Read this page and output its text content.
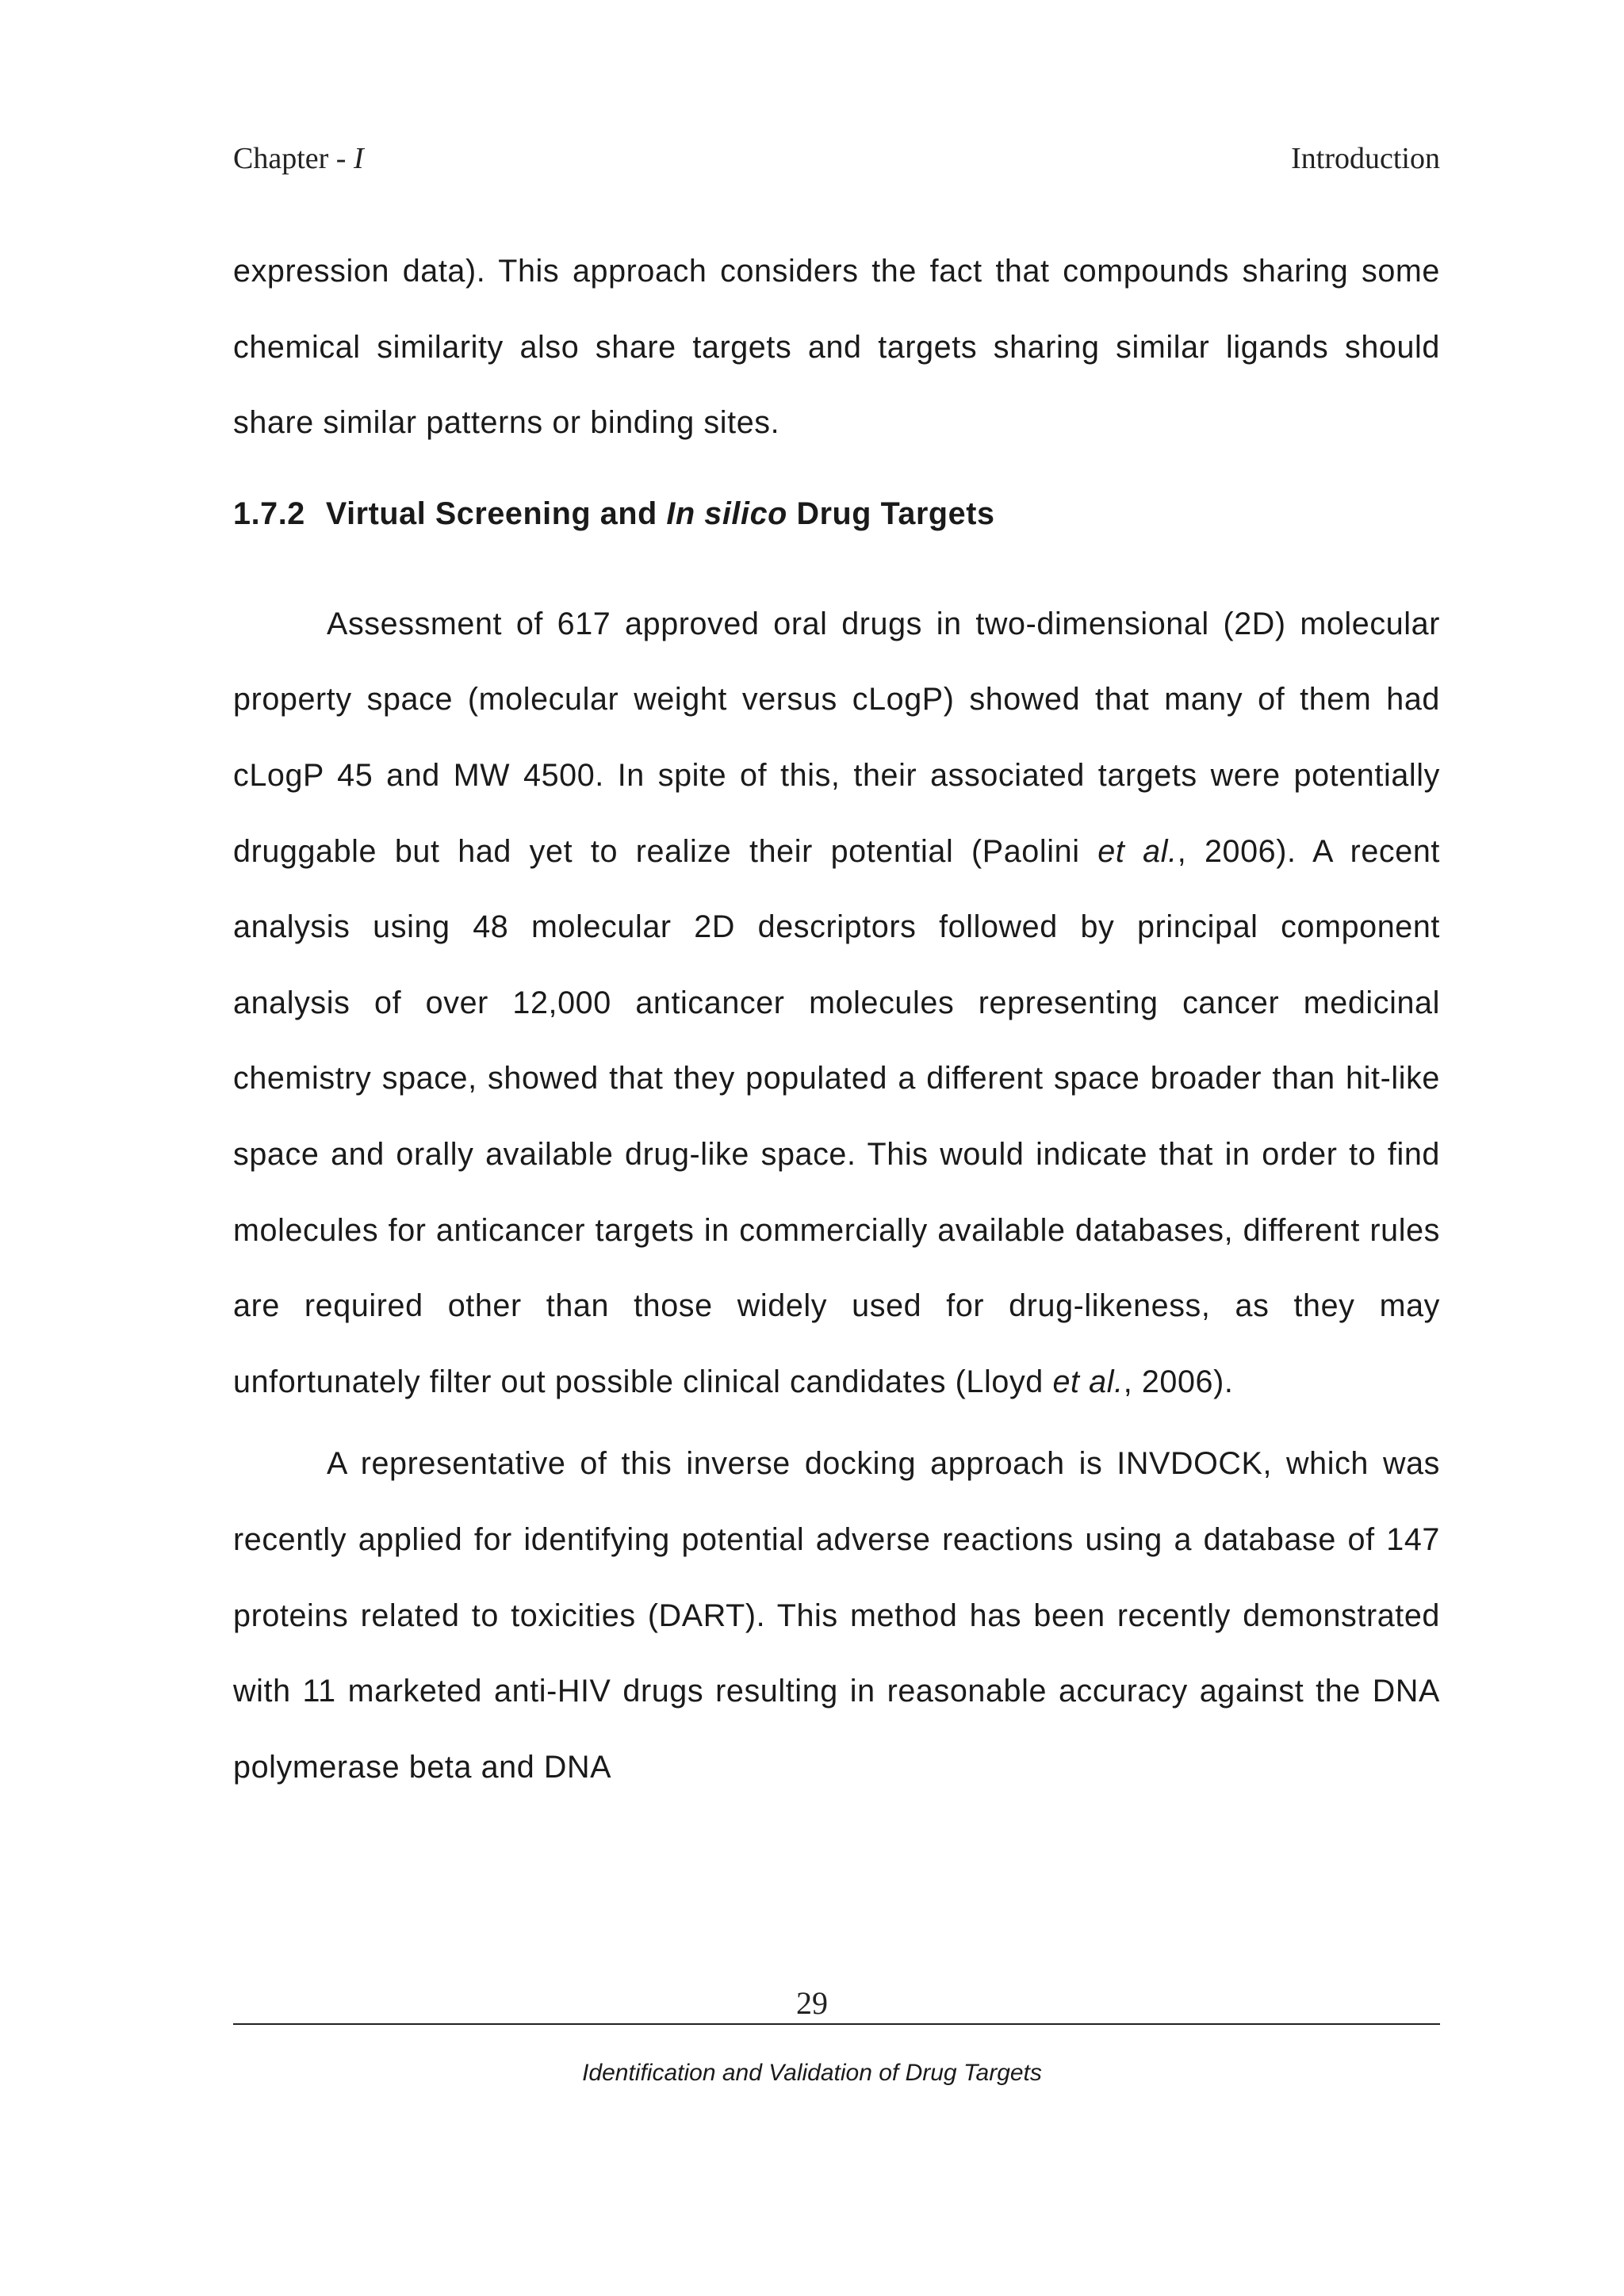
Chapter - I	Introduction

expression data). This approach considers the fact that compounds sharing some chemical similarity also share targets and targets sharing similar ligands should share similar patterns or binding sites.

1.7.2 Virtual Screening and In silico Drug Targets

Assessment of 617 approved oral drugs in two-dimensional (2D) molecular property space (molecular weight versus cLogP) showed that many of them had cLogP 45 and MW 4500. In spite of this, their associated targets were potentially druggable but had yet to realize their potential (Paolini et al., 2006). A recent analysis using 48 molecular 2D descriptors followed by principal component analysis of over 12,000 anticancer molecules representing cancer medicinal chemistry space, showed that they populated a different space broader than hit-like space and orally available drug-like space. This would indicate that in order to find molecules for anticancer targets in commercially available databases, different rules are required other than those widely used for drug-likeness, as they may unfortunately filter out possible clinical candidates (Lloyd et al., 2006).

A representative of this inverse docking approach is INVDOCK, which was recently applied for identifying potential adverse reactions using a database of 147 proteins related to toxicities (DART). This method has been recently demonstrated with 11 marketed anti-HIV drugs resulting in reasonable accuracy against the DNA polymerase beta and DNA

29
Identification and Validation of Drug Targets
